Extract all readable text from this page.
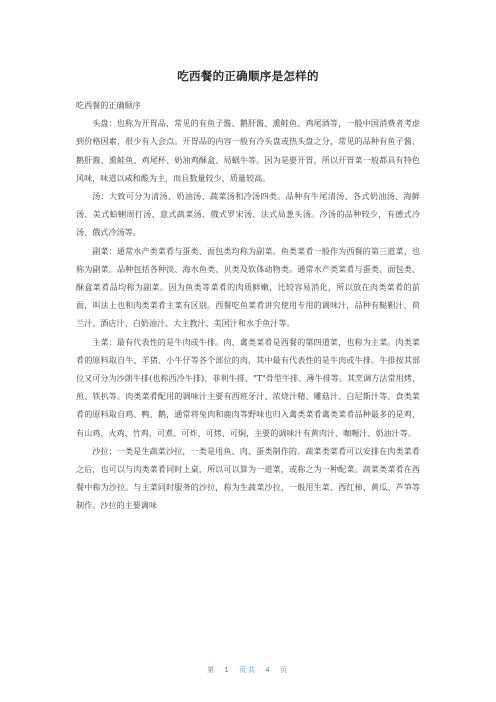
吃西餐的正确顺序是怎样的

吃西餐的正确顺序

头盘：也称为开胃品，常见的有鱼子酱、鹅肝酱、熏鲑鱼、鸡尾酒等，一般中国消费者考虑到价格因素，很少有人会点。开胃品的内容一般有冷头盘或热头盘之分，常见的品种有鱼子酱、鹅肝酱、熏鲑鱼、鸡尾杯、奶油鸡酥盒、局蜗牛等。因为是要开胃，所以开胃菜一般都具有特色风味，味道以咸和酸为主，而且数量较少，质量较高。

汤：大致可分为清汤、奶油汤、蔬菜汤和冷汤四类。品种有牛尾清汤、各式奶油汤、海鲜汤、美式蛤蜊周打汤、意式蔬菜汤、俄式罗宋汤、法式局葱头汤。冷汤的品种较少，有德式冷汤、俄式冷汤等。

副菜：通常水产类菜肴与蛋类、面包类均称为副菜。鱼类菜肴一般作为西餐的第三道菜，也称为副菜。品种包括各种淡、海水鱼类、贝类及软体动物类。通常水产类菜肴与蛋类、面包类、酥盒菜肴品均称为副菜。因为鱼类等菜肴的肉质鲜嫩，比较容易消化，所以放在肉类菜肴的前面，叫法上也和肉类菜肴主菜有区别。西餐吃鱼菜肴讲究使用专用的调味汁，品种有鞑靼汁、荷兰汁、酒店汁、白奶油汁、大主教汁、美国汁和水手鱼汁等。

主菜：最有代表性的是牛肉或牛排。肉、禽类菜肴是西餐的第四道菜，也称为主菜。肉类菜肴的原料取自牛、羊猪、小牛仔等各个部位的肉，其中最有代表性的是牛肉或牛排。牛排按其部位又可分为沙朗牛排(也称西冷牛排)、菲利牛排、"T"骨型牛排、薄牛排等。其烹调方法常用烤、煎、铁扒等。肉类菜肴配用的调味汁主要有西班牙汁、浓烧汁精、雕菇汁、白尼斯汁等。食类菜肴的原料取自鸡、鸭、鹅，通常将兔肉和鹿肉等野味也归入禽类菜肴禽类菜肴品种最多的是鸡，有山鸡、火鸡、竹鸡，可煮、可炸、可烤、可焖，主要的调味汁有黄肉汁、咖喱汁、奶油汁等。

沙拉：一类是生蔬菜沙拉，一类是用鱼、肉、蛋类制作的。蔬菜类菜肴可以安排在肉类菜肴之后，也可以与肉类菜肴同时上桌，所以可以算为一道菜，或称之为一种配菜。蔬菜类菜肴在西餐中称为沙拉。与主菜同时服务的沙拉，称为生蔬菜沙拉，一般用生菜、西红柿、黄瓜、芦笋等制作。沙拉的主要调味

第 1 页共 4 页
